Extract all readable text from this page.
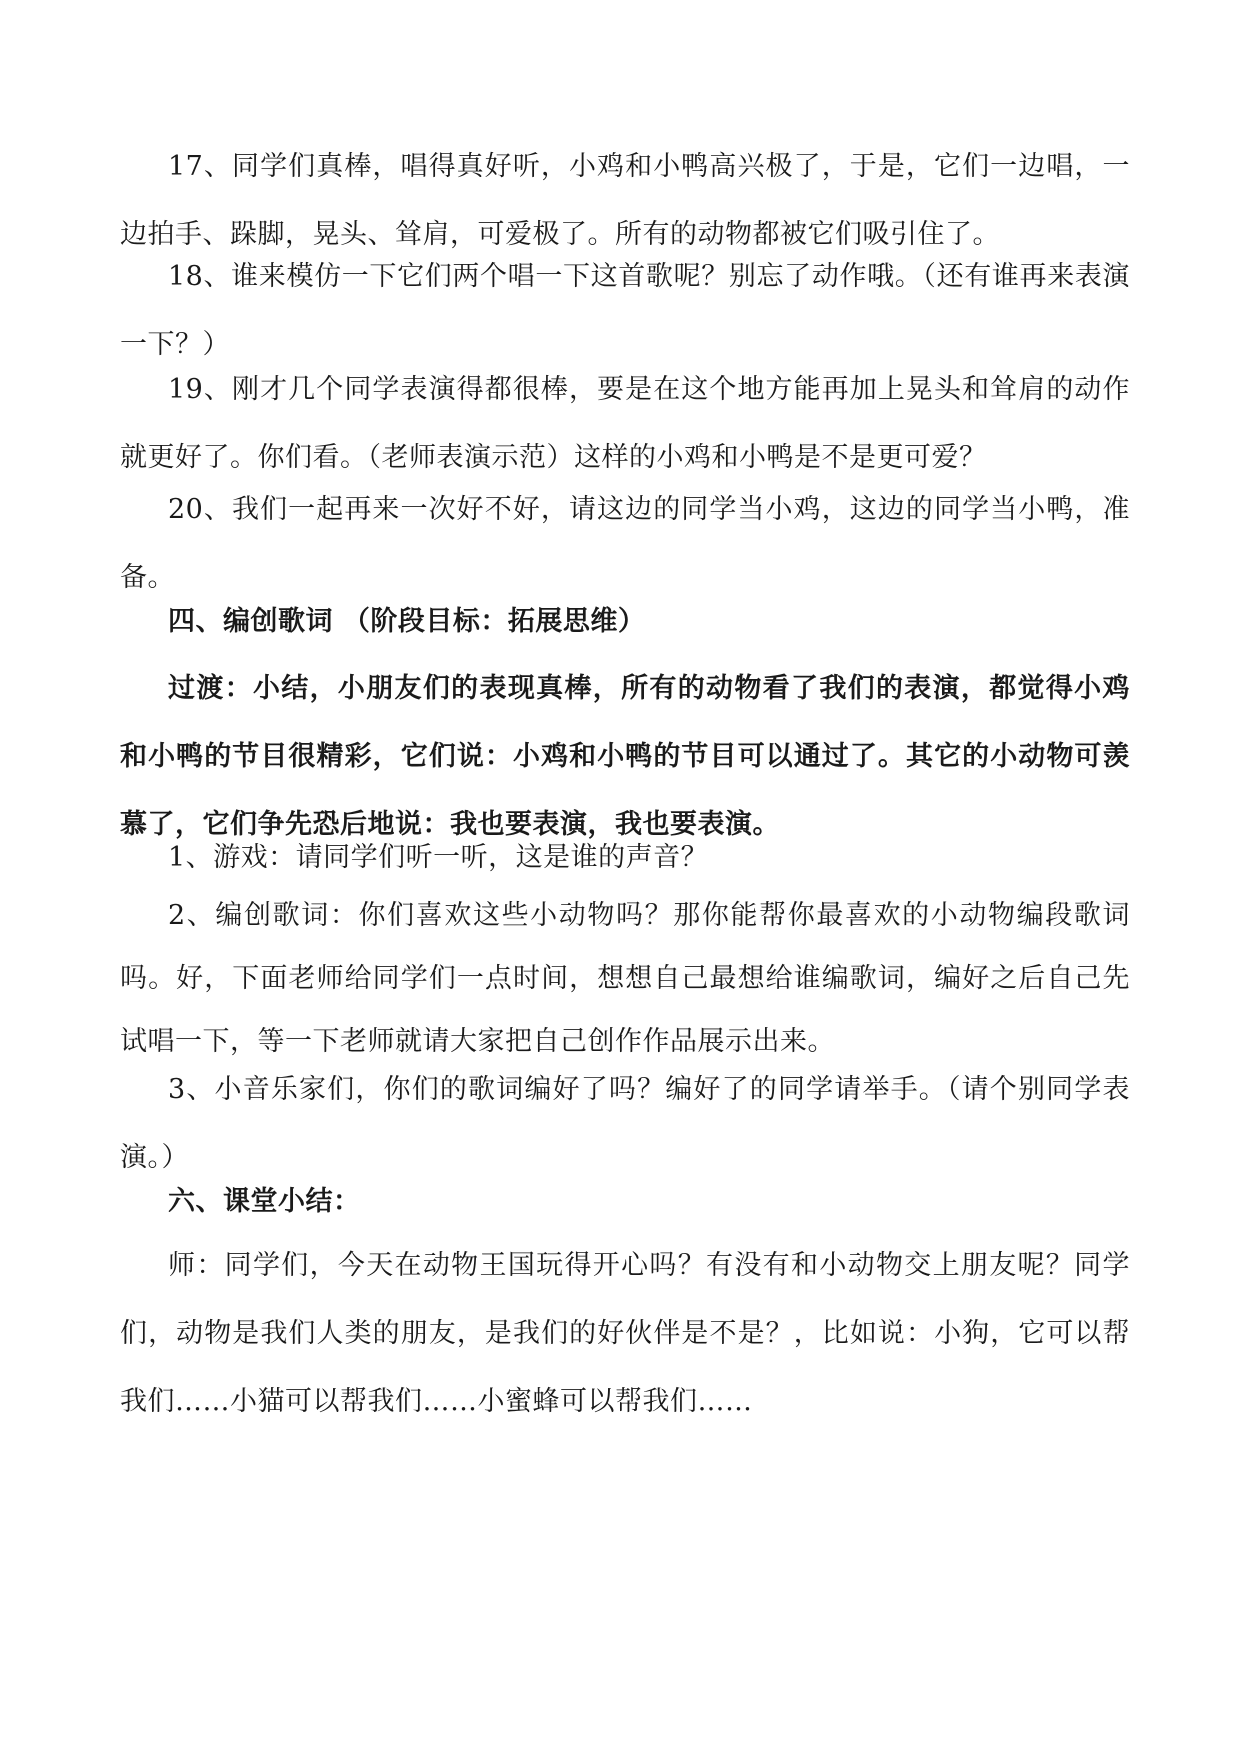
17、同学们真棒，唱得真好听，小鸡和小鸭高兴极了，于是，它们一边唱，一边拍手、跺脚，晃头、耸肩，可爱极了。所有的动物都被它们吸引住了。

18、谁来模仿一下它们两个唱一下这首歌呢？别忘了动作哦。（还有谁再来表演一下？）

19、刚才几个同学表演得都很棒，要是在这个地方能再加上晃头和耸肩的动作就更好了。你们看。（老师表演示范）这样的小鸡和小鸭是不是更可爱？

20、我们一起再来一次好不好，请这边的同学当小鸡，这边的同学当小鸭，准备。

四、编创歌词 （阶段目标：拓展思维）

过渡：小结，小朋友们的表现真棒，所有的动物看了我们的表演，都觉得小鸡和小鸭的节目很精彩，它们说：小鸡和小鸭的节目可以通过了。其它的小动物可羡慕了，它们争先恐后地说：我也要表演，我也要表演。

1、游戏：请同学们听一听，这是谁的声音？

2、编创歌词：你们喜欢这些小动物吗？那你能帮你最喜欢的小动物编段歌词吗。好，下面老师给同学们一点时间，想想自己最想给谁编歌词，编好之后自己先试唱一下，等一下老师就请大家把自己创作作品展示出来。

3、小音乐家们，你们的歌词编好了吗？编好了的同学请举手。（请个别同学表演。）

六、课堂小结：

师：同学们，今天在动物王国玩得开心吗？有没有和小动物交上朋友呢？同学们，动物是我们人类的朋友，是我们的好伙伴是不是？，比如说：小狗，它可以帮我们……小猫可以帮我们……小蜜蜂可以帮我们……
